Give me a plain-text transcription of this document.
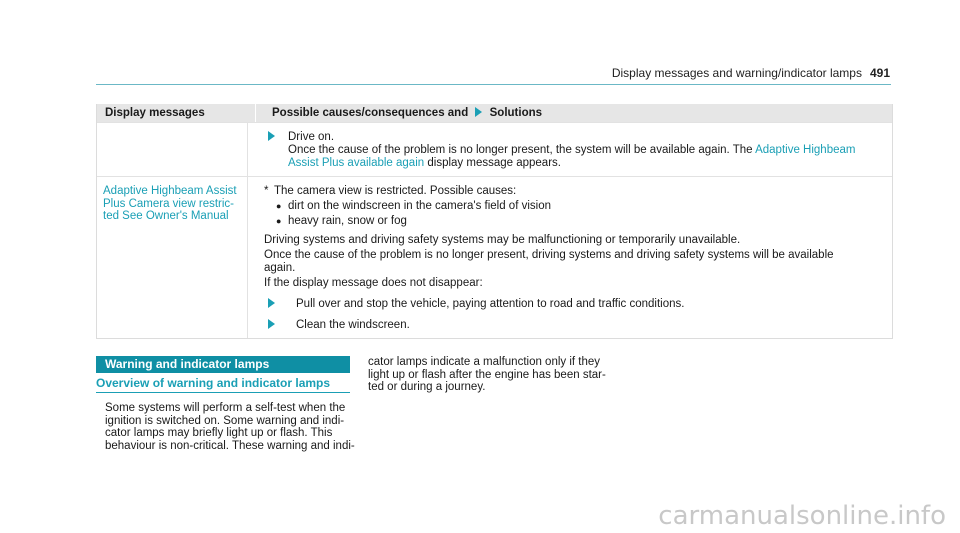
Display messages and warning/indicator lamps 491
Display messages	Possible causes/consequences and Solutions
Drive on.
Once the cause of the problem is no longer present, the system will be available again. The Adaptive Highbeam
Assist Plus available again display message appears.
Adaptive Highbeam Assist
Plus Camera view restric-
ted See Owner's Manual
* The camera view is restricted. Possible causes:
● dirt on the windscreen in the camera's field of vision
● heavy rain, snow or fog
Driving systems and driving safety systems may be malfunctioning or temporarily unavailable.
Once the cause of the problem is no longer present, driving systems and driving safety systems will be available
again.
If the display message does not disappear:
Pull over and stop the vehicle, paying attention to road and traffic conditions.
Clean the windscreen.
Warning and indicator lamps
Overview of warning and indicator lamps
Some systems will perform a self-test when the
ignition is switched on. Some warning and indi-
cator lamps may briefly light up or flash. This
behaviour is non-critical. These warning and indi-
cator lamps indicate a malfunction only if they
light up or flash after the engine has been star-
ted or during a journey.
carmanualsonline.info
